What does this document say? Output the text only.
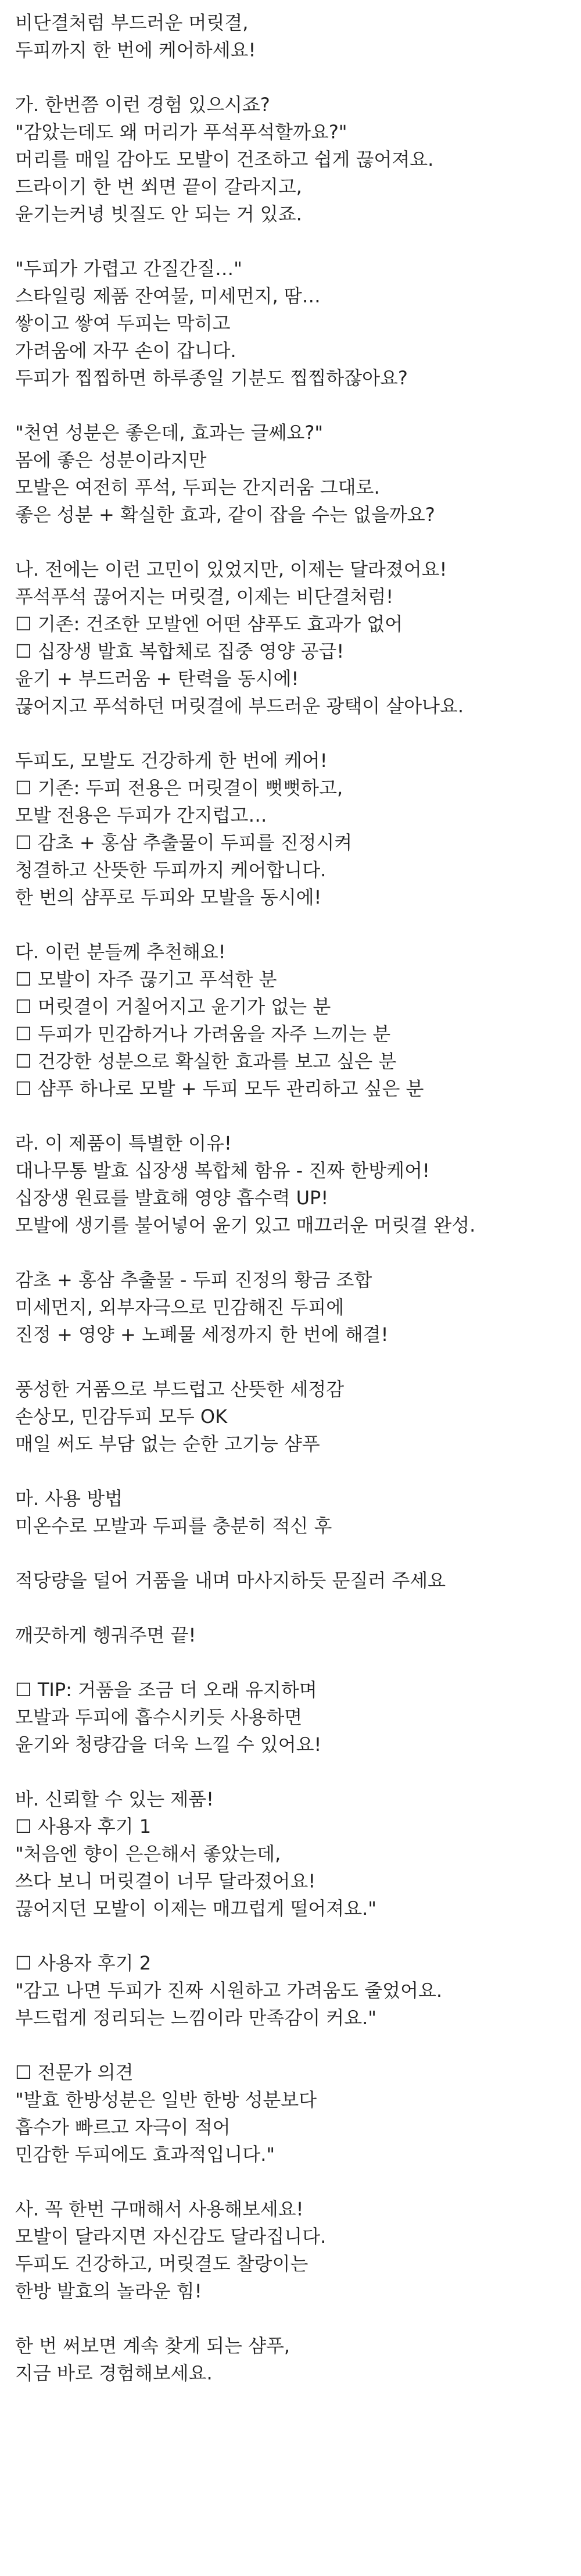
비단결처럼 부드러운 머릿결,
두피까지 한 번에 케어하세요!
가. 한번쯤 이런 경험 있으시죠?
"감았는데도 왜 머리가 푸석푸석할까요?"
머리를 매일 감아도 모발이 건조하고 쉽게 끊어져요.
드라이기 한 번 쐬면 끝이 갈라지고,
윤기는커녕 빗질도 안 되는 거 있죠.
"두피가 가렵고 간질간질…"
스타일링 제품 잔여물, 미세먼지, 땀…
쌓이고 쌓여 두피는 막히고
가려움에 자꾸 손이 갑니다.
두피가 찝찝하면 하루종일 기분도 찝찝하잖아요?
"천연 성분은 좋은데, 효과는 글쎄요?"
몸에 좋은 성분이라지만
모발은 여전히 푸석, 두피는 간지러움 그대로.
좋은 성분 + 확실한 효과, 같이 잡을 수는 없을까요?
나. 전에는 이런 고민이 있었지만, 이제는 달라졌어요!
푸석푸석 끊어지는 머릿결, 이제는 비단결처럼!
☐ 기존: 건조한 모발엔 어떤 샴푸도 효과가 없어
☐ 십장생 발효 복합체로 집중 영양 공급!
윤기 + 부드러움 + 탄력을 동시에!
끊어지고 푸석하던 머릿결에 부드러운 광택이 살아나요.
두피도, 모발도 건강하게 한 번에 케어!
☐ 기존: 두피 전용은 머릿결이 뻣뻣하고,
모발 전용은 두피가 간지럽고…
☐ 감초 + 홍삼 추출물이 두피를 진정시켜
청결하고 산뜻한 두피까지 케어합니다.
한 번의 샴푸로 두피와 모발을 동시에!
다. 이런 분들께 추천해요!
☐ 모발이 자주 끊기고 푸석한 분
☐ 머릿결이 거칠어지고 윤기가 없는 분
☐ 두피가 민감하거나 가려움을 자주 느끼는 분
☐ 건강한 성분으로 확실한 효과를 보고 싶은 분
☐ 샴푸 하나로 모발 + 두피 모두 관리하고 싶은 분
라. 이 제품이 특별한 이유!
대나무통 발효 십장생 복합체 함유 - 진짜 한방케어!
십장생 원료를 발효해 영양 흡수력 UP!
모발에 생기를 불어넣어 윤기 있고 매끄러운 머릿결 완성.
감초 + 홍삼 추출물 - 두피 진정의 황금 조합
미세먼지, 외부자극으로 민감해진 두피에
진정 + 영양 + 노폐물 세정까지 한 번에 해결!
풍성한 거품으로 부드럽고 산뜻한 세정감
손상모, 민감두피 모두 OK
매일 써도 부담 없는 순한 고기능 샴푸
마. 사용 방법
미온수로 모발과 두피를 충분히 적신 후
적당량을 덜어 거품을 내며 마사지하듯 문질러 주세요
깨끗하게 헹궈주면 끝!
☐ TIP: 거품을 조금 더 오래 유지하며
모발과 두피에 흡수시키듯 사용하면
윤기와 청량감을 더욱 느낄 수 있어요!
바. 신뢰할 수 있는 제품!
☐ 사용자 후기 1
"처음엔 향이 은은해서 좋았는데,
쓰다 보니 머릿결이 너무 달라졌어요!
끊어지던 모발이 이제는 매끄럽게 떨어져요."
☐ 사용자 후기 2
"감고 나면 두피가 진짜 시원하고 가려움도 줄었어요.
부드럽게 정리되는 느낌이라 만족감이 커요."
☐ 전문가 의견
"발효 한방성분은 일반 한방 성분보다
흡수가 빠르고 자극이 적어
민감한 두피에도 효과적입니다."
사. 꼭 한번 구매해서 사용해보세요!
모발이 달라지면 자신감도 달라집니다.
두피도 건강하고, 머릿결도 찰랑이는
한방 발효의 놀라운 힘!
한 번 써보면 계속 찾게 되는 샴푸,
지금 바로 경험해보세요.
